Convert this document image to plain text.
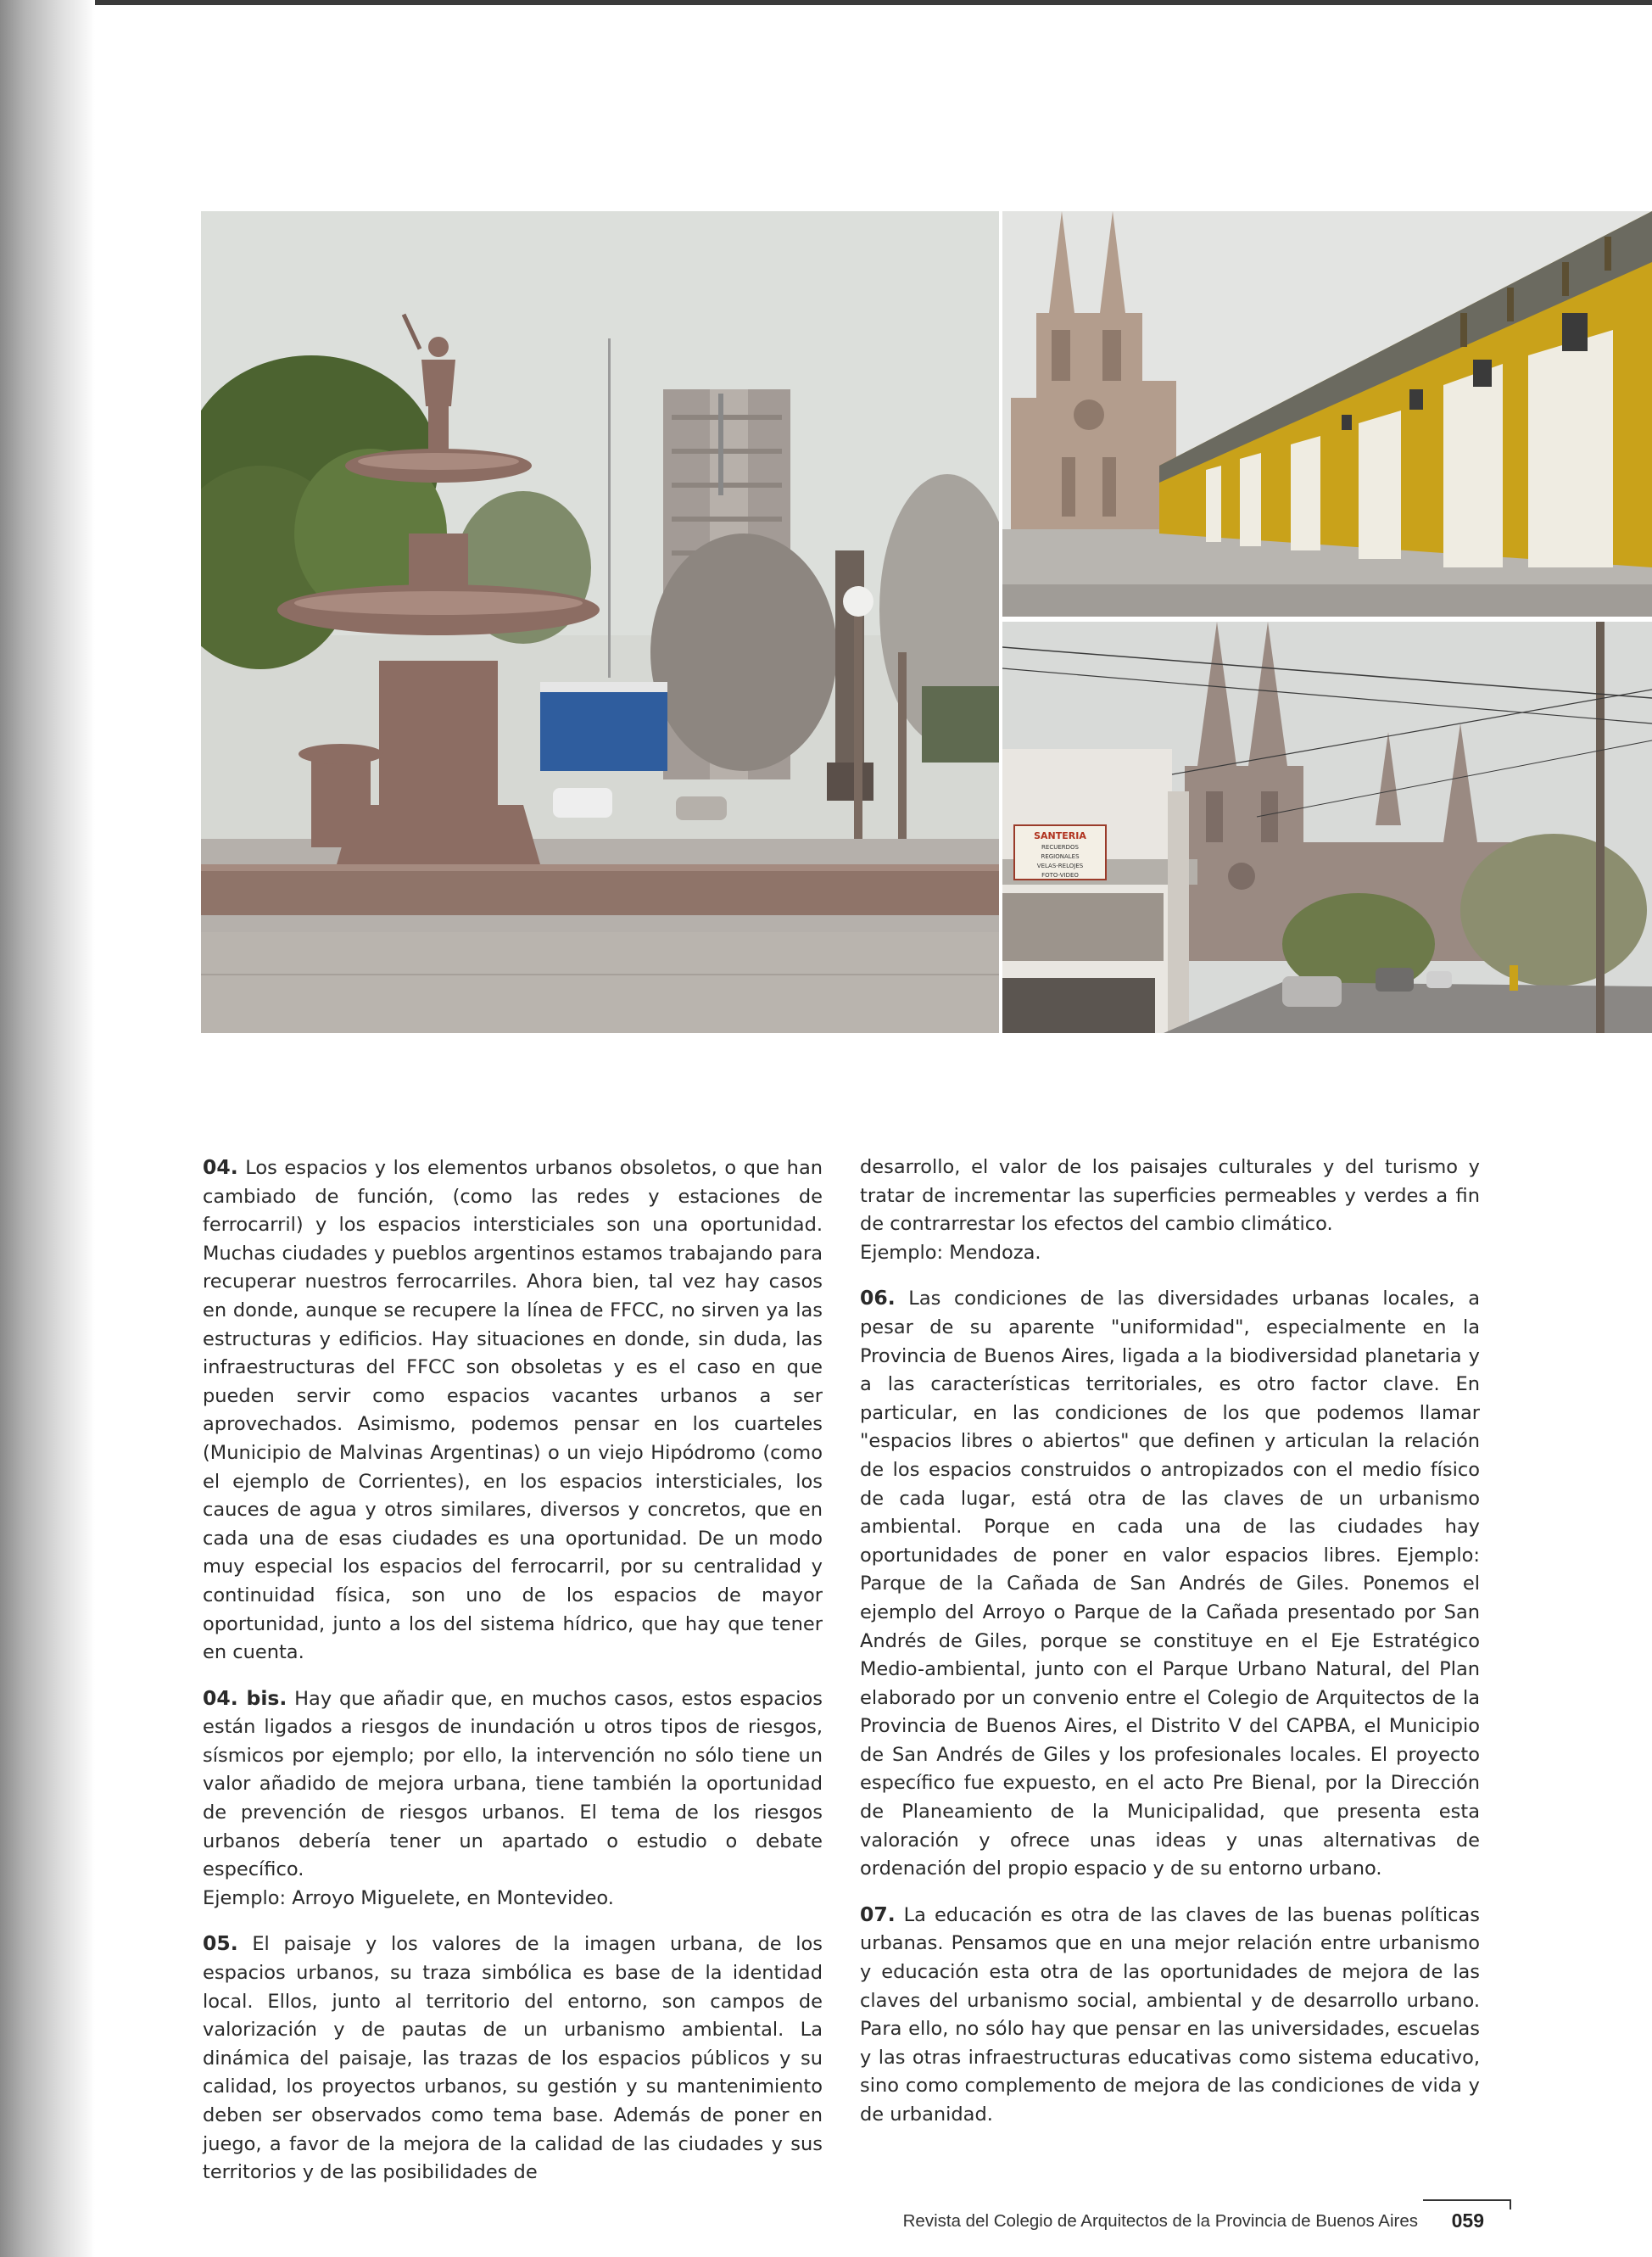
SANTERIA
RECUERDOS
REGIONALES
VELAS-RELOJES
FOTO-VIDEO

04. Los espacios y los elementos urbanos obsoletos, o que han cambiado de función, (como las redes y estaciones de ferrocarril) y los espacios intersticiales son una oportunidad. Muchas ciudades y pueblos argentinos estamos trabajando para recuperar nuestros ferrocarriles. Ahora bien, tal vez hay casos en donde, aunque se recupere la línea de FFCC, no sirven ya las estructuras y edificios. Hay situaciones en donde, sin duda, las infraestructuras del FFCC son obsoletas y es el caso en que pueden servir como espacios vacantes urbanos a ser aprovechados. Asimismo, podemos pensar en los cuarteles (Municipio de Malvinas Argentinas) o un viejo Hipódromo (como el ejemplo de Corrientes), en los espacios intersticiales, los cauces de agua y otros similares, diversos y concretos, que en cada una de esas ciudades es una oportunidad. De un modo muy especial los espacios del ferrocarril, por su centralidad y continuidad física, son uno de los espacios de mayor oportunidad, junto a los del sistema hídrico, que hay que tener en cuenta.

04. bis. Hay que añadir que, en muchos casos, estos espacios están ligados a riesgos de inundación u otros tipos de riesgos, sísmicos por ejemplo; por ello, la intervención no sólo tiene un valor añadido de mejora urbana, tiene también la oportunidad de prevención de riesgos urbanos. El tema de los riesgos urbanos debería tener un apartado o estudio o debate específico.
Ejemplo: Arroyo Miguelete, en Montevideo.

05. El paisaje y los valores de la imagen urbana, de los espacios urbanos, su traza simbólica es base de la identidad local. Ellos, junto al territorio del entorno, son campos de valorización y de pautas de un urbanismo ambiental. La dinámica del paisaje, las trazas de los espacios públicos y su calidad, los proyectos urbanos, su gestión y su mantenimiento deben ser observados como tema base. Además de poner en juego, a favor de la mejora de la calidad de las ciudades y sus territorios y de las posibilidades de

desarrollo, el valor de los paisajes culturales y del turismo y tratar de incrementar las superficies permeables y verdes a fin de contrarrestar los efectos del cambio climático.
Ejemplo: Mendoza.

06. Las condiciones de las diversidades urbanas locales, a pesar de su aparente "uniformidad", especialmente en la Provincia de Buenos Aires, ligada a la biodiversidad planetaria y a las características territoriales, es otro factor clave. En particular, en las condiciones de los que podemos llamar "espacios libres o abiertos" que definen y articulan la relación de los espacios construidos o antropizados con el medio físico de cada lugar, está otra de las claves de un urbanismo ambiental. Porque en cada una de las ciudades hay oportunidades de poner en valor espacios libres. Ejemplo: Parque de la Cañada de San Andrés de Giles. Ponemos el ejemplo del Arroyo o Parque de la Cañada presentado por San Andrés de Giles, porque se constituye en el Eje Estratégico Medio-ambiental, junto con el Parque Urbano Natural, del Plan elaborado por un convenio entre el Colegio de Arquitectos de la Provincia de Buenos Aires, el Distrito V del CAPBA, el Municipio de San Andrés de Giles y los profesionales locales. El proyecto específico fue expuesto, en el acto Pre Bienal, por la Dirección de Planeamiento de la Municipalidad, que presenta esta valoración y ofrece unas ideas y unas alternativas de ordenación del propio espacio y de su entorno urbano.

07. La educación es otra de las claves de las buenas políticas urbanas. Pensamos que en una mejor relación entre urbanismo y educación esta otra de las oportunidades de mejora de las claves del urbanismo social, ambiental y de desarrollo urbano. Para ello, no sólo hay que pensar en las universidades, escuelas y las otras infraestructuras educativas como sistema educativo, sino como complemento de mejora de las condiciones de vida y de urbanidad.

Revista del Colegio de Arquitectos de la Provincia de Buenos Aires 059
